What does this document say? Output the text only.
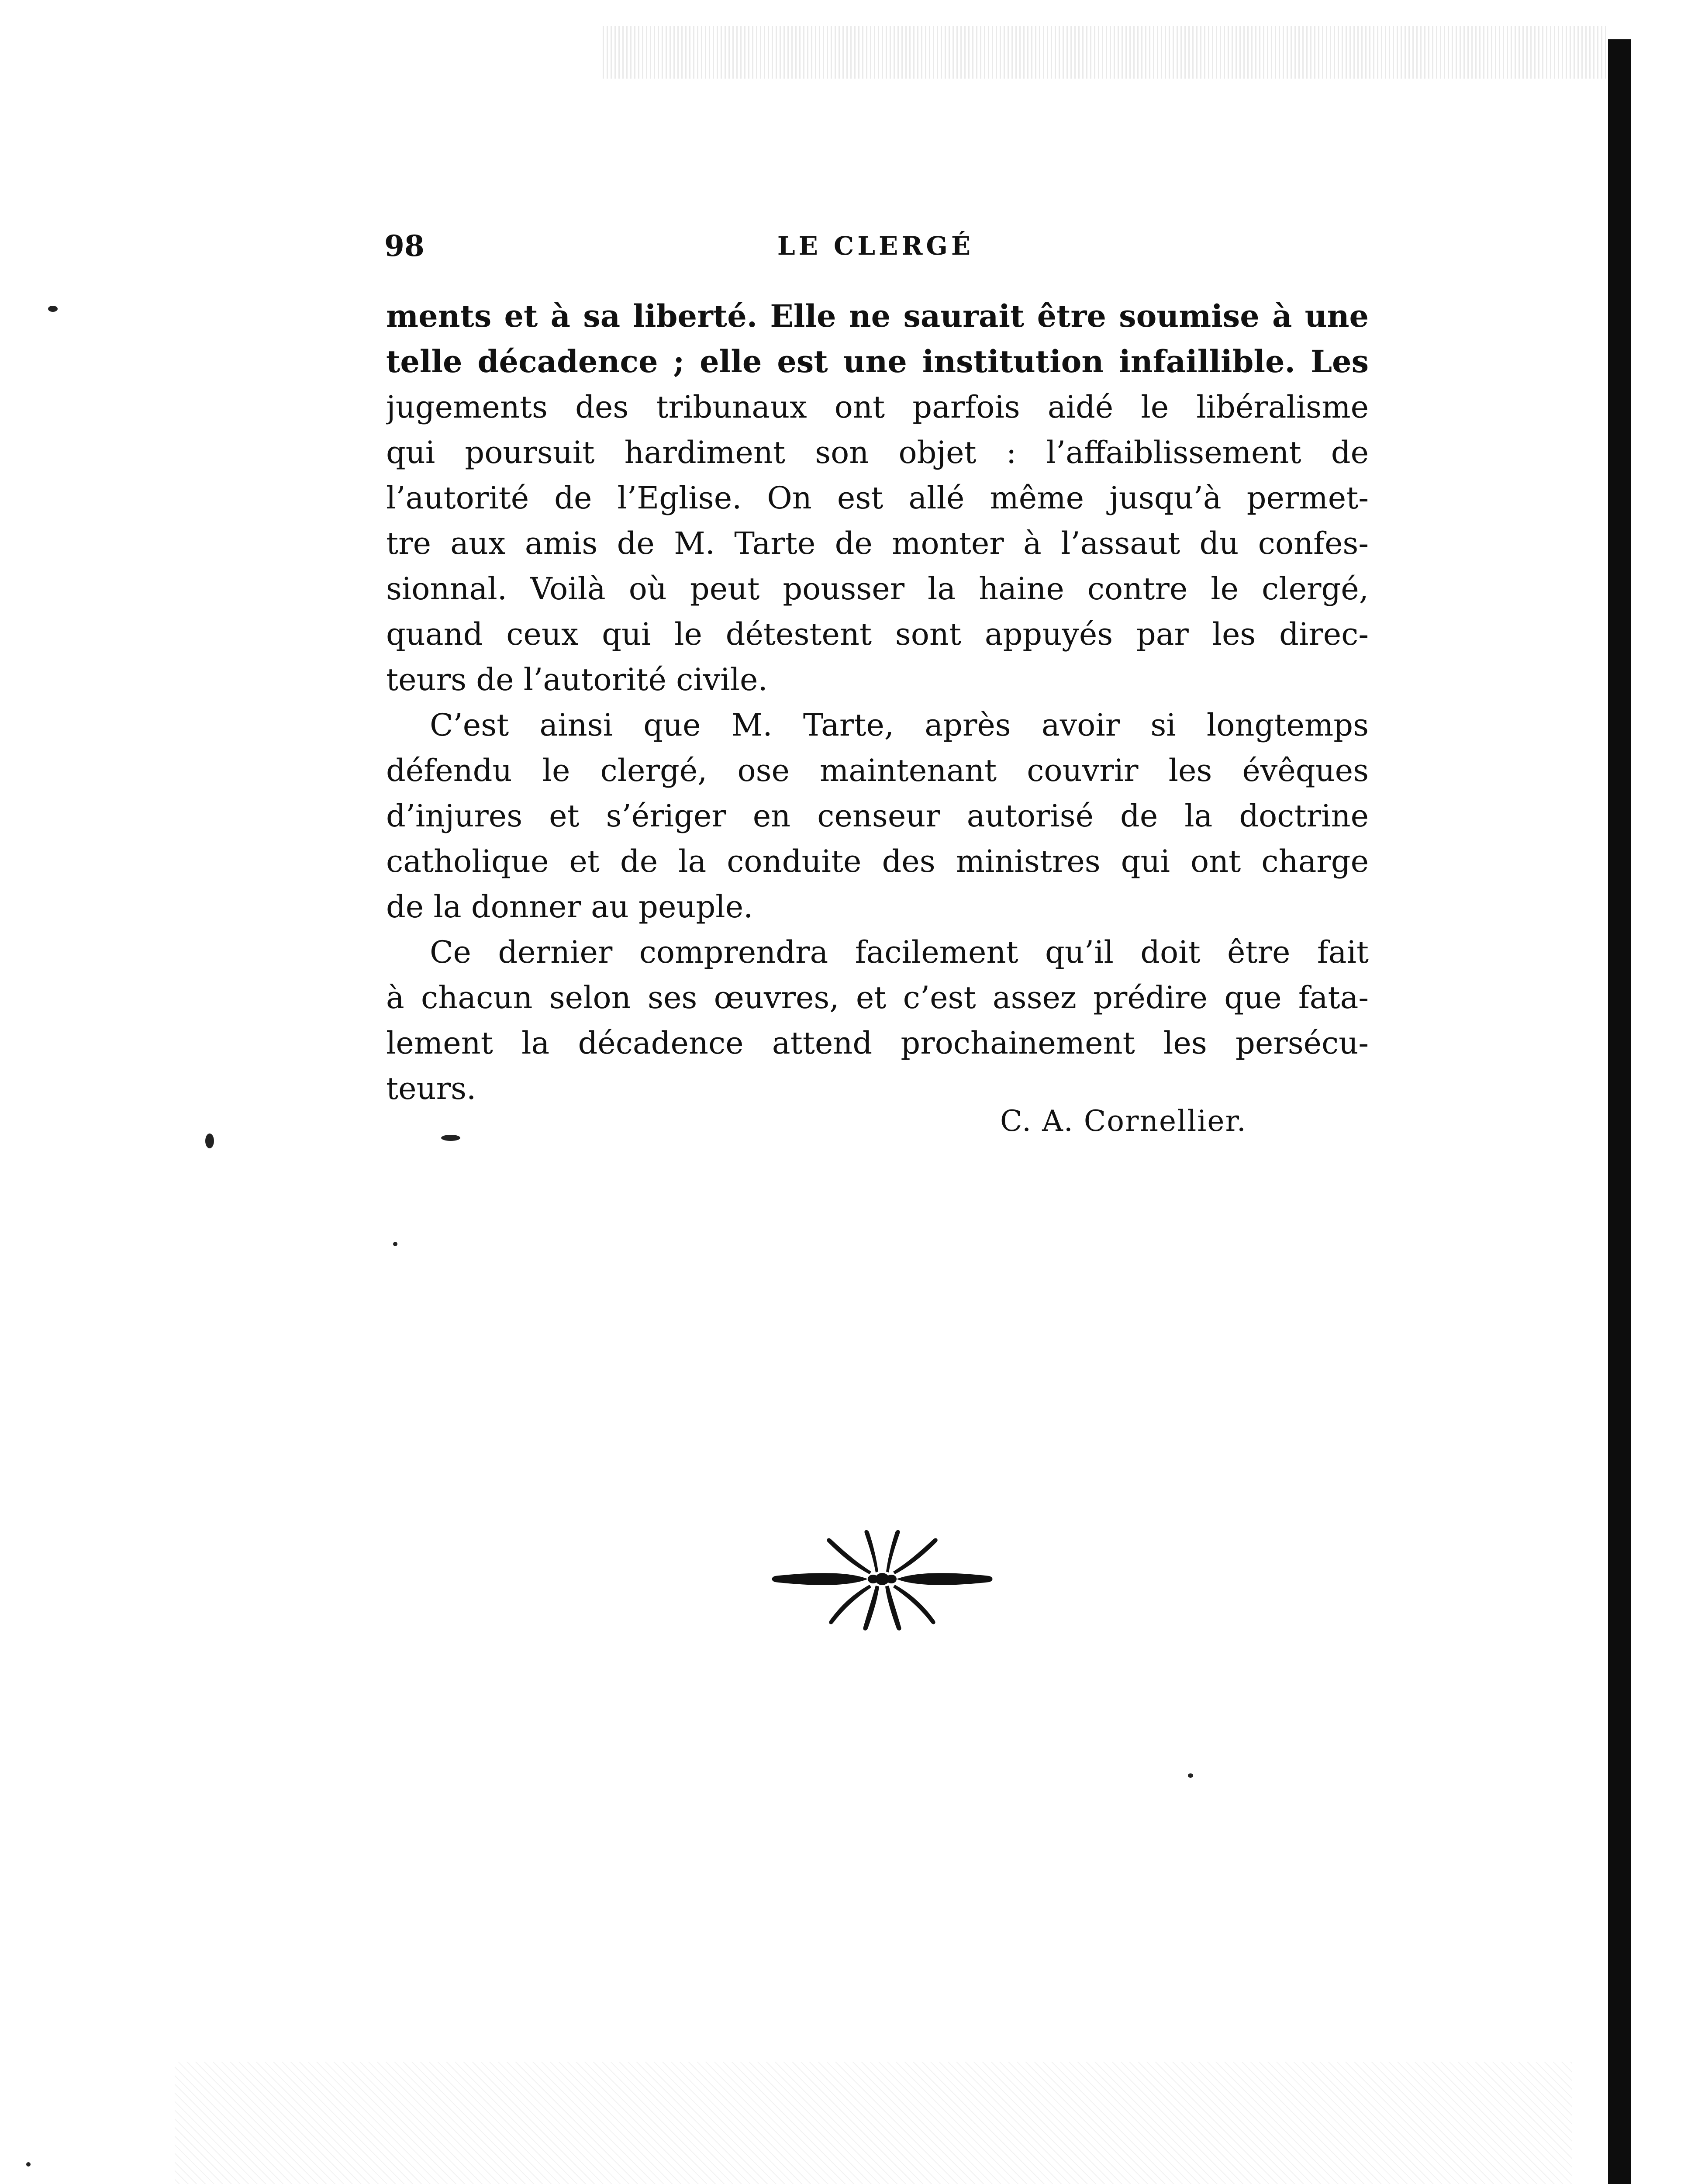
98	LE CLERGÉ
ments et à sa liberté. Elle ne saurait être soumise à une
telle décadence ; elle est une institution infaillible. Les
jugements des tribunaux ont parfois aidé le libéralisme
qui poursuit hardiment son objet : l’affaiblissement de
l’autorité de l’Eglise. On est allé même jusqu’à permet-
tre aux amis de M. Tarte de monter à l’assaut du confes-
sionnal. Voilà où peut pousser la haine contre le clergé,
quand ceux qui le détestent sont appuyés par les direc-
teurs de l’autorité civile.
C’est ainsi que M. Tarte, après avoir si longtemps
défendu le clergé, ose maintenant couvrir les évêques
d’injures et s’ériger en censeur autorisé de la doctrine
catholique et de la conduite des ministres qui ont charge
de la donner au peuple.
Ce dernier comprendra facilement qu’il doit être fait
à chacun selon ses œuvres, et c’est assez prédire que fata-
lement la décadence attend prochainement les persécu-
teurs.
C. A. Cornellier.
